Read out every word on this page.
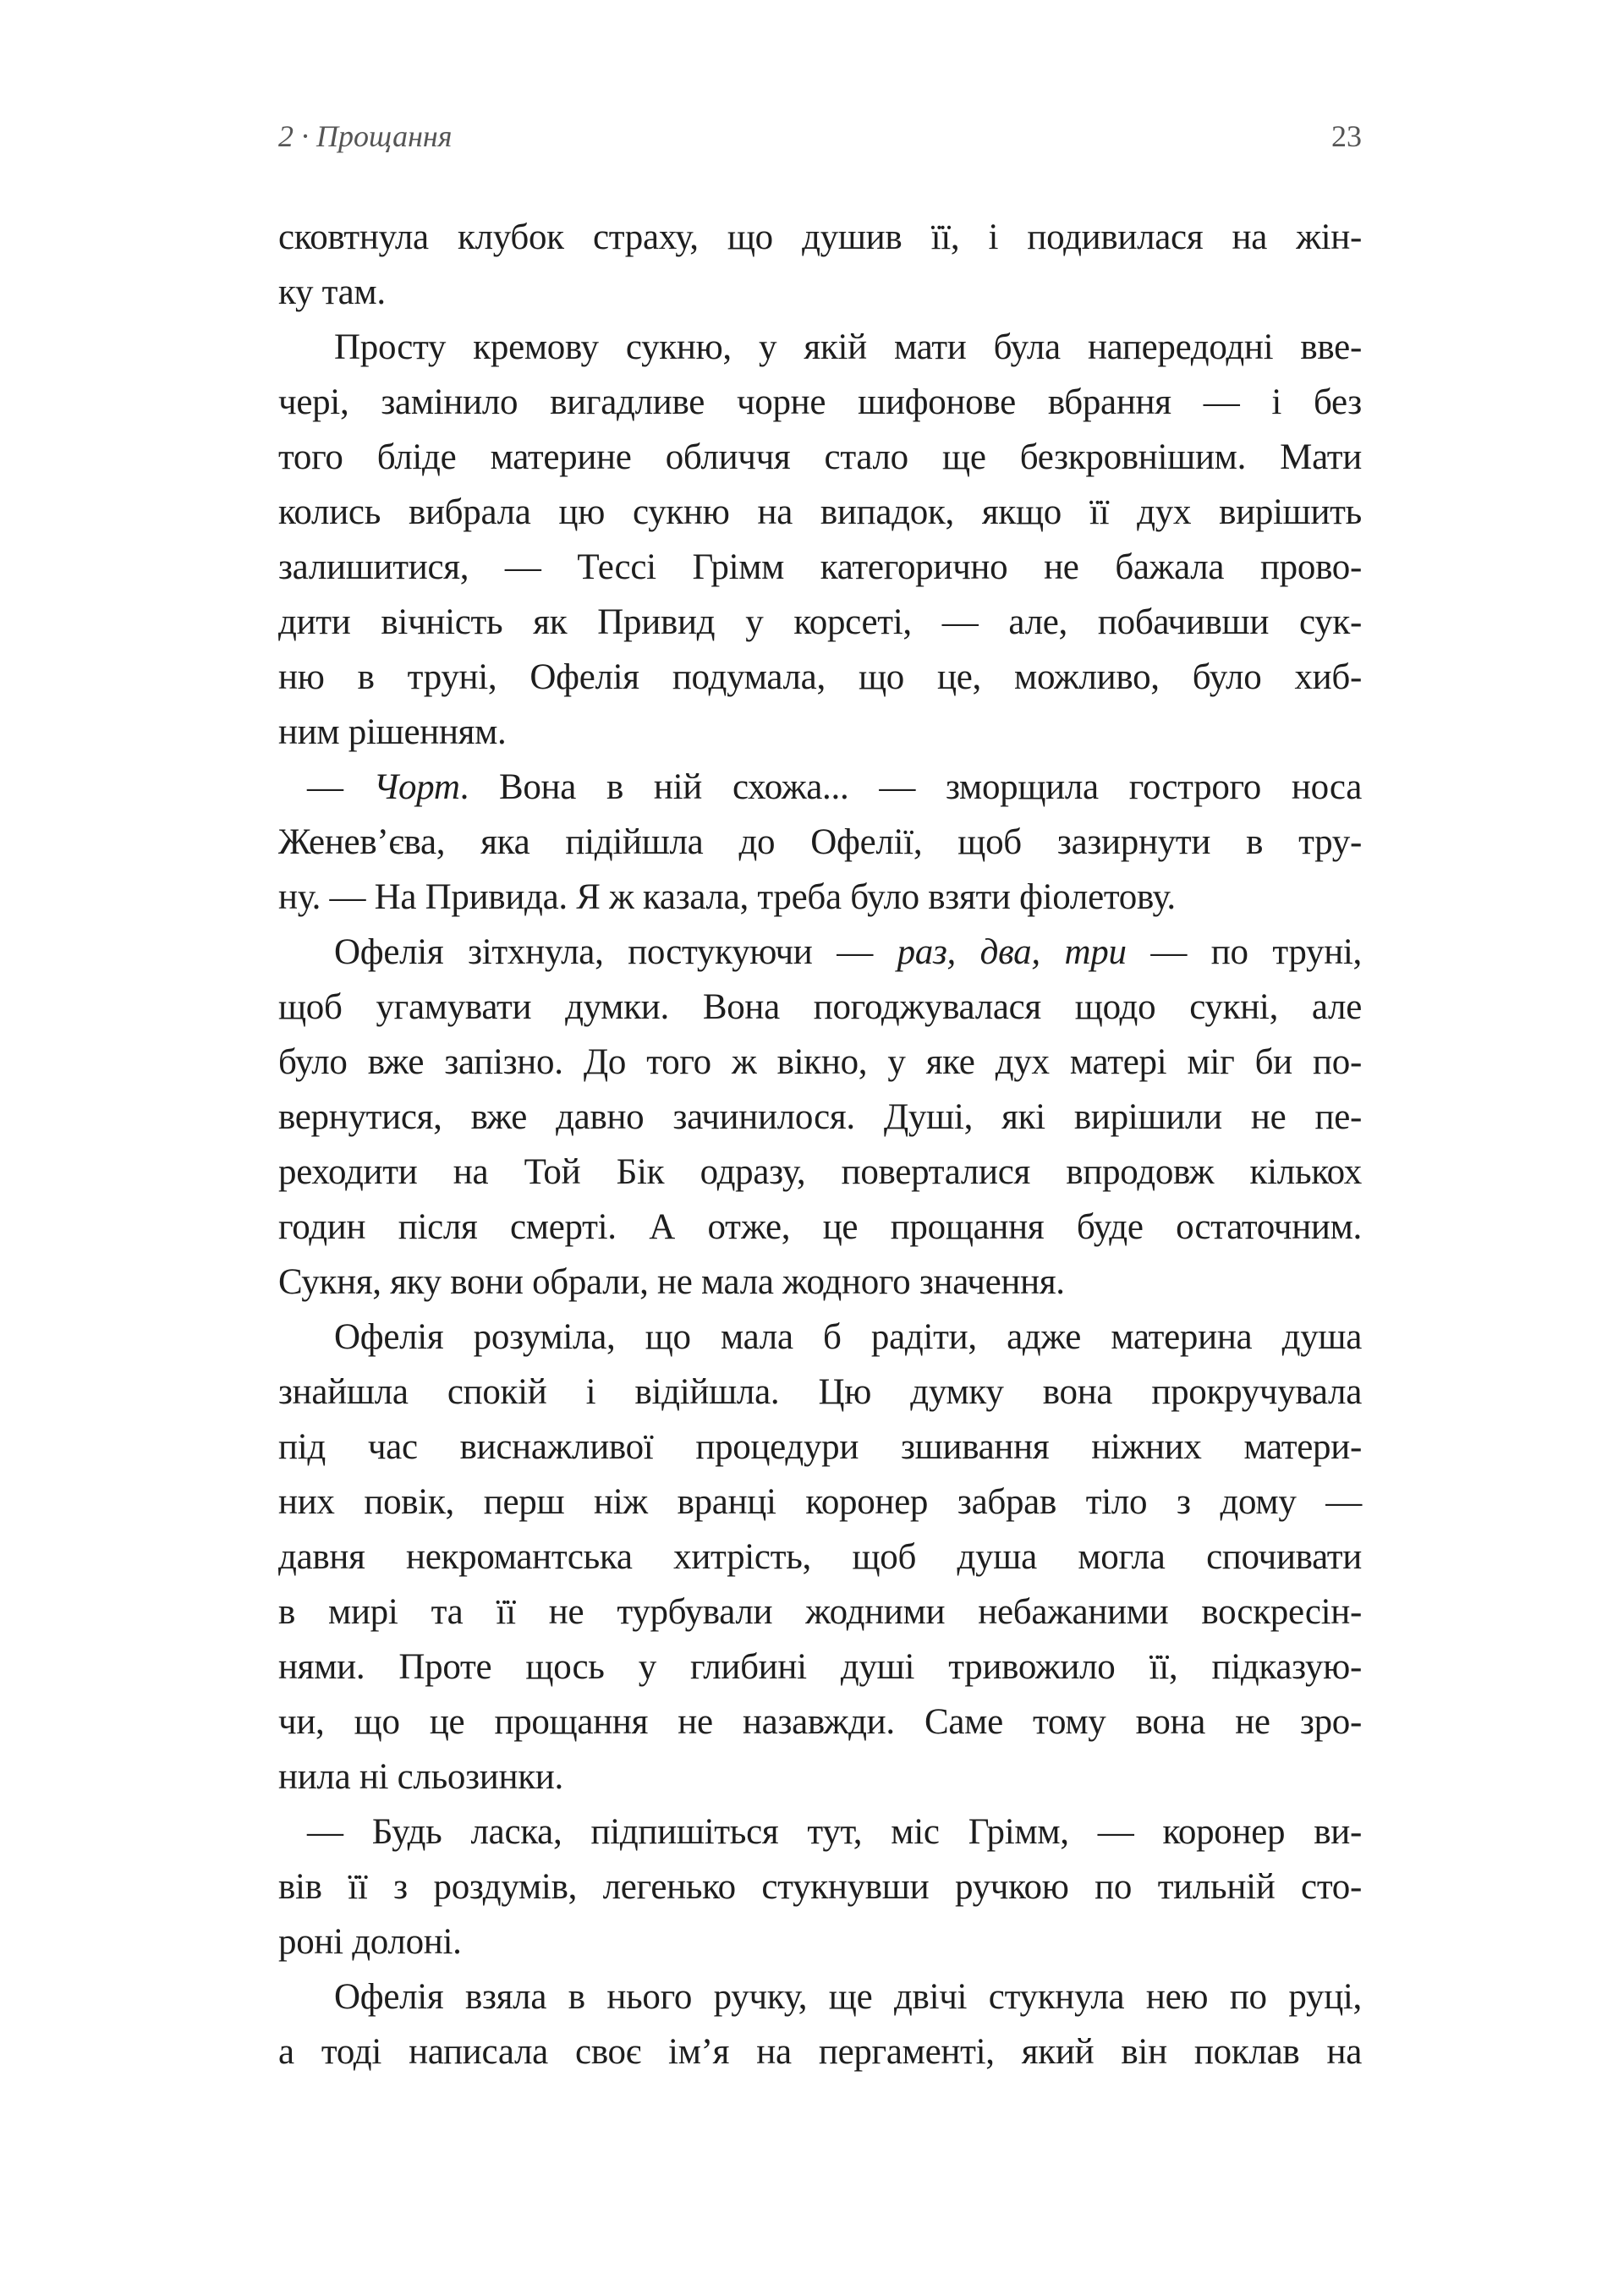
2 · Прощання	23
сковтнула клубок страху, що душив її, і подивилася на жін-
ку там.
Просту кремову сукню, у якій мати була напередодні вве-
чері, замінило вигадливе чорне шифонове вбрання — і без
того бліде материне обличчя стало ще безкровнішим. Мати
колись вибрала цю сукню на випадок, якщо її дух вирішить
залишитися, — Тессі Грімм категорично не бажала прово-
дити вічність як Привид у корсеті, — але, побачивши сук-
ню в труні, Офелія подумала, що це, можливо, було хиб-
ним рішенням.
— Чорт. Вона в ній схожа... — зморщила гострого носа
Женев’єва, яка підійшла до Офелії, щоб зазирнути в тру-
ну. — На Привида. Я ж казала, треба було взяти фіолетову.
Офелія зітхнула, постукуючи — раз, два, три — по труні,
щоб угамувати думки. Вона погоджувалася щодо сукні, але
було вже запізно. До того ж вікно, у яке дух матері міг би по-
вернутися, вже давно зачинилося. Душі, які вирішили не пе-
реходити на Той Бік одразу, поверталися впродовж кількох
годин після смерті. А отже, це прощання буде остаточним.
Сукня, яку вони обрали, не мала жодного значення.
Офелія розуміла, що мала б радіти, адже материна душа
знайшла спокій і відійшла. Цю думку вона прокручувала
під час виснажливої процедури зшивання ніжних матери-
них повік, перш ніж вранці коронер забрав тіло з дому —
давня некромантська хитрість, щоб душа могла спочивати
в мирі та її не турбували жодними небажаними воскресін-
нями. Проте щось у глибині душі тривожило її, підказую-
чи, що це прощання не назавжди. Саме тому вона не зро-
нила ні сльозинки.
— Будь ласка, підпишіться тут, міс Грімм, — коронер ви-
вів її з роздумів, легенько стукнувши ручкою по тильній сто-
роні долоні.
Офелія взяла в нього ручку, ще двічі стукнула нею по руці,
а тоді написала своє ім’я на пергаменті, який він поклав на
